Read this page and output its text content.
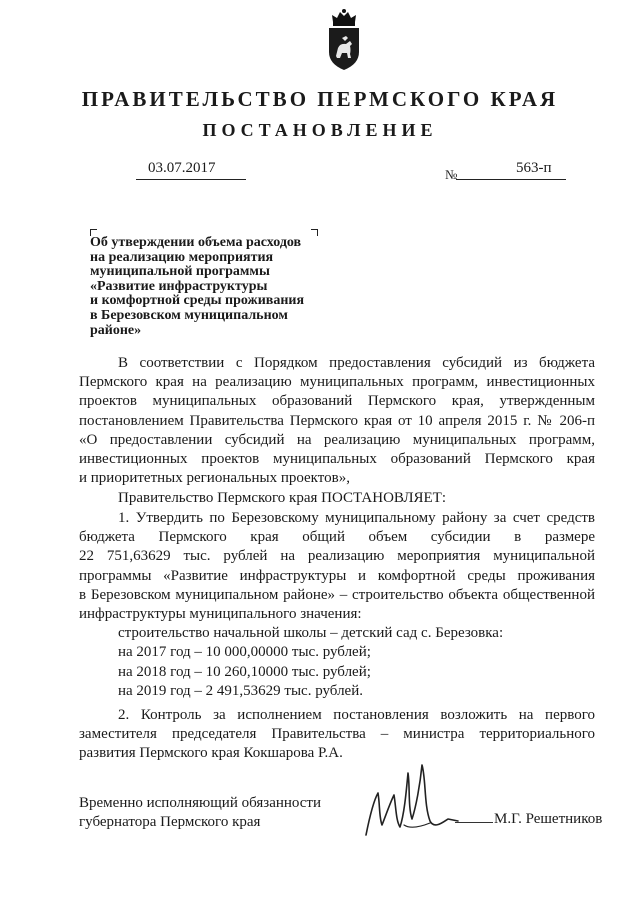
ПРАВИТЕЛЬСТВО ПЕРМСКОГО КРАЯ
ПОСТАНОВЛЕНИЕ
03.07.2017	№	563-п
Об утверждении объема расходов
на реализацию мероприятия
муниципальной программы
«Развитие инфраструктуры
и комфортной среды проживания
в Березовском муниципальном
районе»
В соответствии с Порядком предоставления субсидий из бюджета
Пермского края на реализацию муниципальных программ, инвестиционных
проектов муниципальных образований Пермского края, утвержденным
постановлением Правительства Пермского края от 10 апреля 2015 г. № 206-п
«О предоставлении субсидий на реализацию муниципальных программ,
инвестиционных проектов муниципальных образований Пермского края
и приоритетных региональных проектов»,
Правительство Пермского края ПОСТАНОВЛЯЕТ:
1. Утвердить по Березовскому муниципальному району за счет средств
бюджета Пермского края общий объем субсидии в размере
22 751,63629 тыс. рублей на реализацию мероприятия муниципальной
программы «Развитие инфраструктуры и комфортной среды проживания
в Березовском муниципальном районе» – строительство объекта общественной
инфраструктуры муниципального значения:
строительство начальной школы – детский сад с. Березовка:
на 2017 год – 10 000,00000 тыс. рублей;
на 2018 год – 10 260,10000 тыс. рублей;
на 2019 год – 2 491,53629 тыс. рублей.
2. Контроль за исполнением постановления возложить на первого
заместителя председателя Правительства – министра территориального
развития Пермского края Кокшарова Р.А.
Временно исполняющий обязанности
губернатора Пермского края	М.Г. Решетников
